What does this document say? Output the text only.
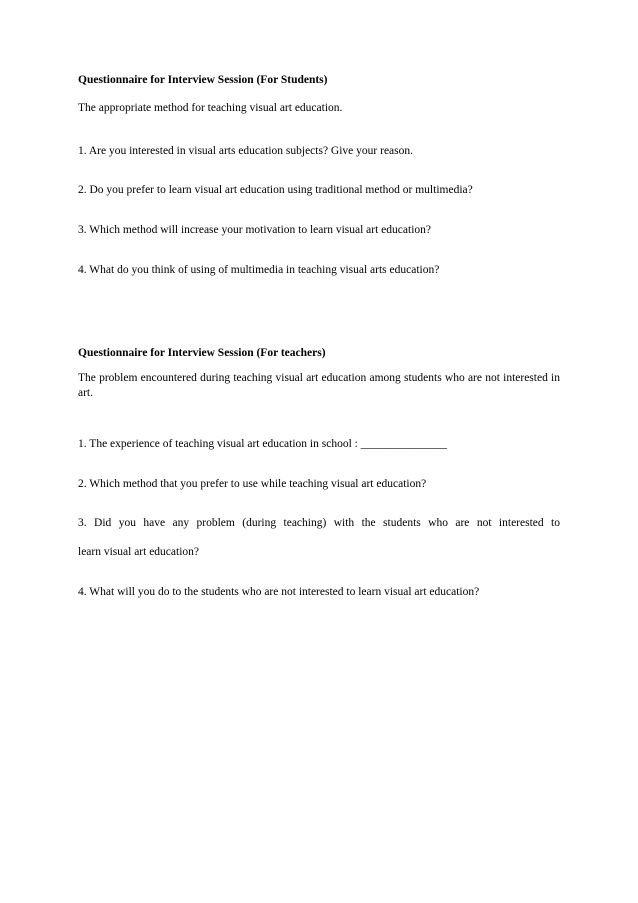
Questionnaire for Interview Session (For Students)
The appropriate method for teaching visual art education.
1. Are you interested in visual arts education subjects? Give your reason.
2. Do you prefer to learn visual art education using traditional method or multimedia?
3. Which method will increase your motivation to learn visual art education?
4. What do you think of using of multimedia in teaching visual arts education?
Questionnaire for Interview Session (For teachers)
The problem encountered during teaching visual art education among students who are not interested in art.
1. The experience of teaching visual art education in school : _______________
2. Which method that you prefer to use while teaching visual art education?
3. Did you have any problem (during teaching) with the students who are not interested to
learn visual art education?
4. What will you do to the students who are not interested to learn visual art education?
